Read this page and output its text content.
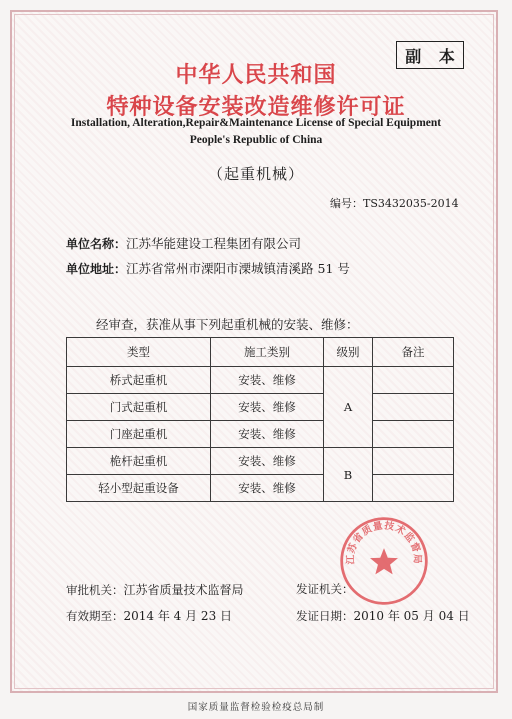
副 本
中华人民共和国
特种设备安装改造维修许可证
Installation, Alteration,Repair&Maintenance License of Special Equipment
People's Republic of China
（起重机械）
编号：TS3432035-2014
单位名称：江苏华能建设工程集团有限公司
单位地址：江苏省常州市溧阳市溧城镇清溪路 51 号
经审查，获准从事下列起重机械的安装、维修：
类型	施工类别	级别	备注
桥式起重机	安装、维修	A	
门式起重机	安装、维修		
门座起重机	安装、维修		
桅杆起重机	安装、维修	B	
轻小型起重设备	安装、维修		
审批机关：江苏省质量技术监督局
有效期至：2014 年 4 月 23 日
发证机关：
发证日期：2010 年 05 月 04 日
江苏省质量技术监督局
国家质量监督检验检疫总局制
